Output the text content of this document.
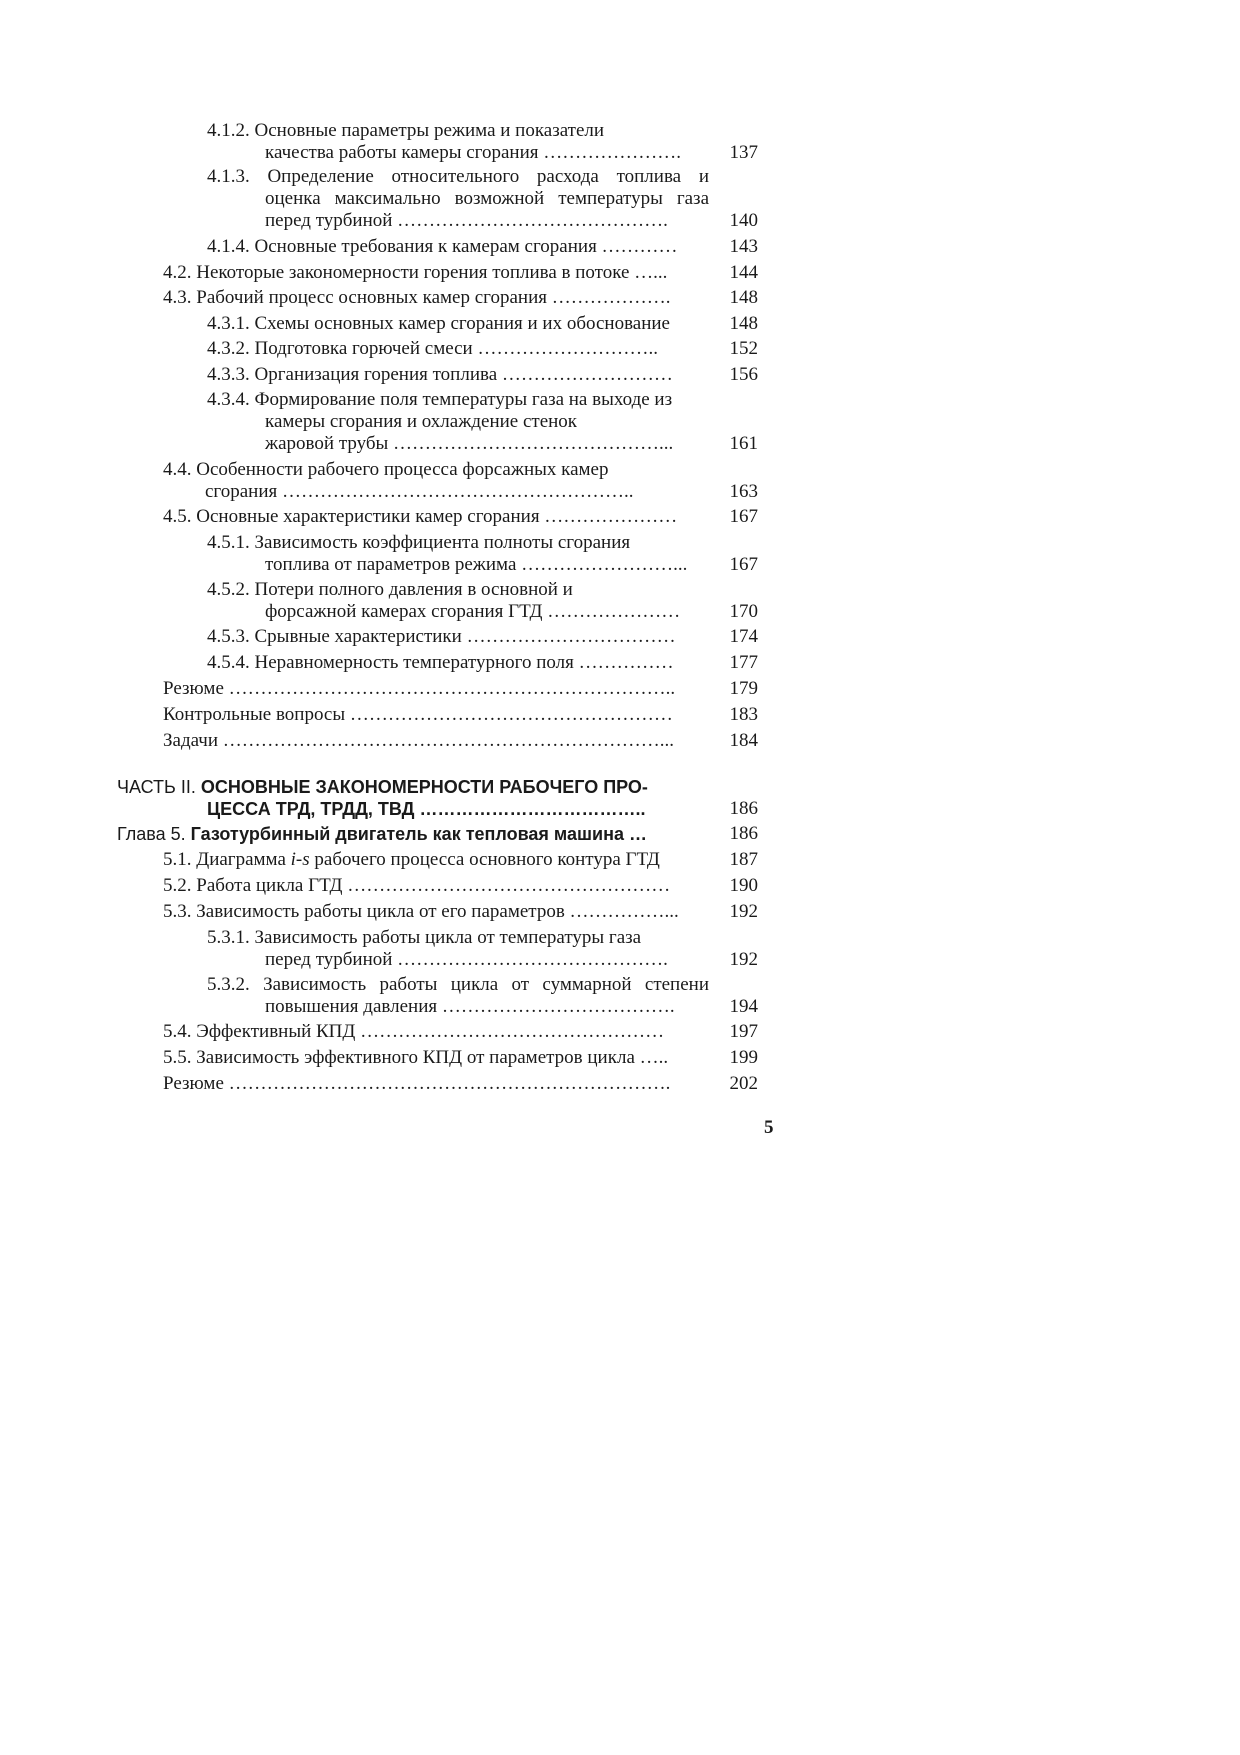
4.1.2. Основные параметры режима и показатели
качества работы камеры сгорания ………………….	137
4.1.3. Определение относительного расхода топлива и
оценка максимально возможной температуры газа
перед турбиной …………………………………….	140
4.1.4. Основные требования к камерам сгорания …………	143
4.2. Некоторые закономерности горения топлива в потоке …...	144
4.3. Рабочий процесс основных камер сгорания ……………….	148
4.3.1. Схемы основных камер сгорания и их обоснование	148
4.3.2. Подготовка горючей смеси ………………………..	152
4.3.3. Организация горения топлива ………………………	156
4.3.4. Формирование поля температуры газа на выходе из
камеры сгорания и охлаждение стенок
жаровой трубы ……………………………………...	161
4.4. Особенности рабочего процесса форсажных камер
сгорания ………………………………………………..	163
4.5. Основные характеристики камер сгорания …………………	167
4.5.1. Зависимость коэффициента полноты сгорания
топлива от параметров режима ……………………...	167
4.5.2. Потери полного давления в основной и
форсажной камерах сгорания ГТД …………………	170
4.5.3. Срывные характеристики ……………………………	174
4.5.4. Неравномерность температурного поля ……………	177
Резюме ……………………………………………………………..	179
Контрольные вопросы ……………………………………………	183
Задачи ……………………………………………………………...	184
ЧАСТЬ II. ОСНОВНЫЕ ЗАКОНОМЕРНОСТИ РАБОЧЕГО ПРО-
ЦЕССА ТРД, ТРДД, ТВД ………………………………..	186
Глава 5. Газотурбинный двигатель как тепловая машина …	186
5.1. Диаграмма i-s рабочего процесса основного контура ГТД	187
5.2. Работа цикла ГТД ……………………………………………	190
5.3. Зависимость работы цикла от его параметров ……………...	192
5.3.1. Зависимость работы цикла от температуры газа
перед турбиной …………………………………….	192
5.3.2. Зависимость работы цикла от суммарной степени
повышения давления ……………………………….	194
5.4. Эффективный КПД …………………………………………	197
5.5. Зависимость эффективного КПД от параметров цикла …..	199
Резюме …………………………………………………………….	202
5
